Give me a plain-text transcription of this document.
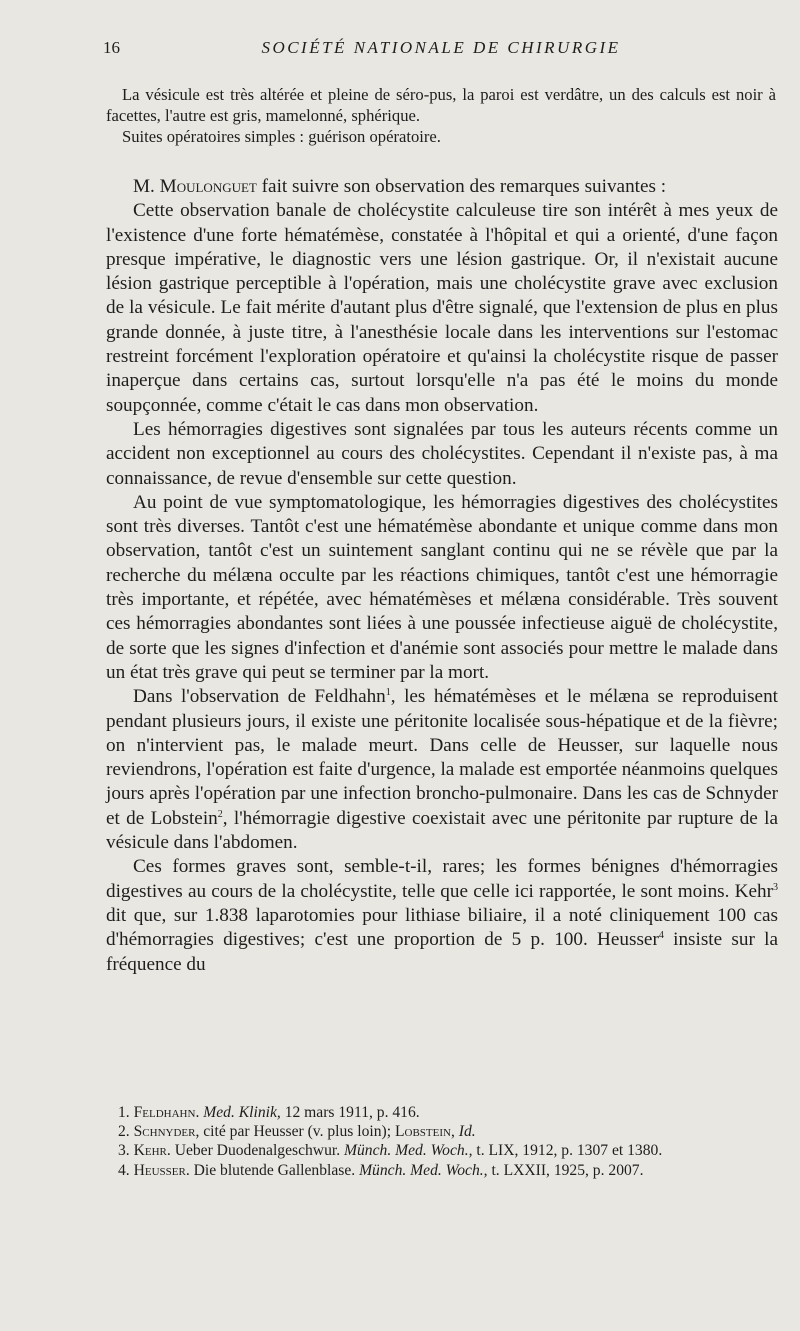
16	SOCIÉTÉ NATIONALE DE CHIRURGIE
La vésicule est très altérée et pleine de séro-pus, la paroi est verdâtre, un des calculs est noir à facettes, l'autre est gris, mamelonné, sphérique.
Suites opératoires simples : guérison opératoire.

M. Moulonguet fait suivre son observation des remarques suivantes :

Cette observation banale de cholécystite calculeuse tire son intérêt à mes yeux de l'existence d'une forte hématémèse, constatée à l'hôpital et qui a orienté, d'une façon presque impérative, le diagnostic vers une lésion gastrique. Or, il n'existait aucune lésion gastrique perceptible à l'opération, mais une cholécystite grave avec exclusion de la vésicule. Le fait mérite d'autant plus d'être signalé, que l'extension de plus en plus grande donnée, à juste titre, à l'anesthésie locale dans les interventions sur l'estomac restreint forcément l'exploration opératoire et qu'ainsi la cholécystite risque de passer inaperçue dans certains cas, surtout lorsqu'elle n'a pas été le moins du monde soupçonnée, comme c'était le cas dans mon observation.

Les hémorragies digestives sont signalées par tous les auteurs récents comme un accident non exceptionnel au cours des cholécystites. Cependant il n'existe pas, à ma connaissance, de revue d'ensemble sur cette question.

Au point de vue symptomatologique, les hémorragies digestives des cholécystites sont très diverses. Tantôt c'est une hématémèse abondante et unique comme dans mon observation, tantôt c'est un suintement sanglant continu qui ne se révèle que par la recherche du mélæna occulte par les réactions chimiques, tantôt c'est une hémorragie très importante, et répétée, avec hématémèses et mélæna considérable. Très souvent ces hémorragies abondantes sont liées à une poussée infectieuse aiguë de cholécystite, de sorte que les signes d'infection et d'anémie sont associés pour mettre le malade dans un état très grave qui peut se terminer par la mort.

Dans l'observation de Feldhahn$^1$, les hématémèses et le mélæna se reproduisent pendant plusieurs jours, il existe une péritonite localisée sous-hépatique et de la fièvre; on n'intervient pas, le malade meurt. Dans celle de Heusser, sur laquelle nous reviendrons, l'opération est faite d'urgence, la malade est emportée néanmoins quelques jours après l'opération par une infection broncho-pulmonaire. Dans les cas de Schnyder et de Lobstein$^2$, l'hémorragie digestive coexistait avec une péritonite par rupture de la vésicule dans l'abdomen.

Ces formes graves sont, semble-t-il, rares; les formes bénignes d'hémorragies digestives au cours de la cholécystite, telle que celle ici rapportée, le sont moins. Kehr$^3$ dit que, sur 1.838 laparotomies pour lithiase biliaire, il a noté cliniquement 100 cas d'hémorragies digestives; c'est une proportion de 5 p. 100. Heusser$^4$ insiste sur la fréquence du

1. Feldhahn. Med. Klinik, 12 mars 1911, p. 416.
2. Schnyder, cité par Heusser (v. plus loin); Lobstein, Id.
3. Kehr. Ueber Duodenalgeschwur. Münch. Med. Woch., t. LIX, 1912, p. 1307 et 1380.
4. Heusser. Die blutende Gallenblase. Münch. Med. Woch., t. LXXII, 1925, p. 2007.
